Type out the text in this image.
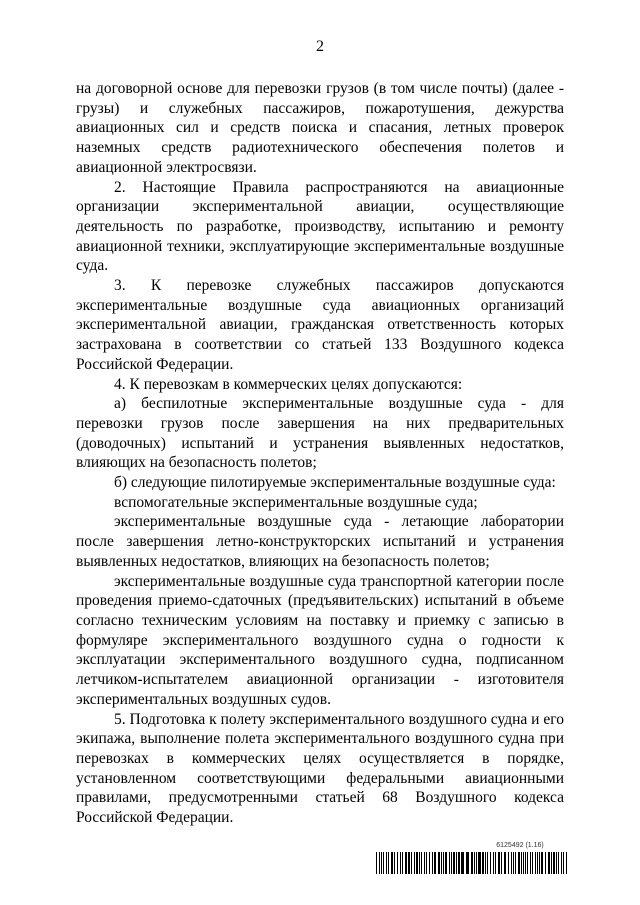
2

на договорной основе для перевозки грузов (в том числе почты) (далее - грузы) и служебных пассажиров, пожаротушения, дежурства авиационных сил и средств поиска и спасания, летных проверок наземных средств радиотехнического обеспечения полетов и авиационной электросвязи.

2. Настоящие Правила распространяются на авиационные организации экспериментальной авиации, осуществляющие деятельность по разработке, производству, испытанию и ремонту авиационной техники, эксплуатирующие экспериментальные воздушные суда.

3. К перевозке служебных пассажиров допускаются экспериментальные воздушные суда авиационных организаций экспериментальной авиации, гражданская ответственность которых застрахована в соответствии со статьей 133 Воздушного кодекса Российской Федерации.

4. К перевозкам в коммерческих целях допускаются:

а) беспилотные экспериментальные воздушные суда - для перевозки грузов после завершения на них предварительных (доводочных) испытаний и устранения выявленных недостатков, влияющих на безопасность полетов;

б) следующие пилотируемые экспериментальные воздушные суда:

вспомогательные экспериментальные воздушные суда;

экспериментальные воздушные суда - летающие лаборатории после завершения летно-конструкторских испытаний и устранения выявленных недостатков, влияющих на безопасность полетов;

экспериментальные воздушные суда транспортной категории после проведения приемо-сдаточных (предъявительских) испытаний в объеме согласно техническим условиям на поставку и приемку с записью в формуляре экспериментального воздушного судна о годности к эксплуатации экспериментального воздушного судна, подписанном летчиком-испытателем авиационной организации - изготовителя экспериментальных воздушных судов.

5. Подготовка к полету экспериментального воздушного судна и его экипажа, выполнение полета экспериментального воздушного судна при перевозках в коммерческих целях осуществляется в порядке, установленном соответствующими федеральными авиационными правилами, предусмотренными статьей 68 Воздушного кодекса Российской Федерации.

6125492 (1.16)
